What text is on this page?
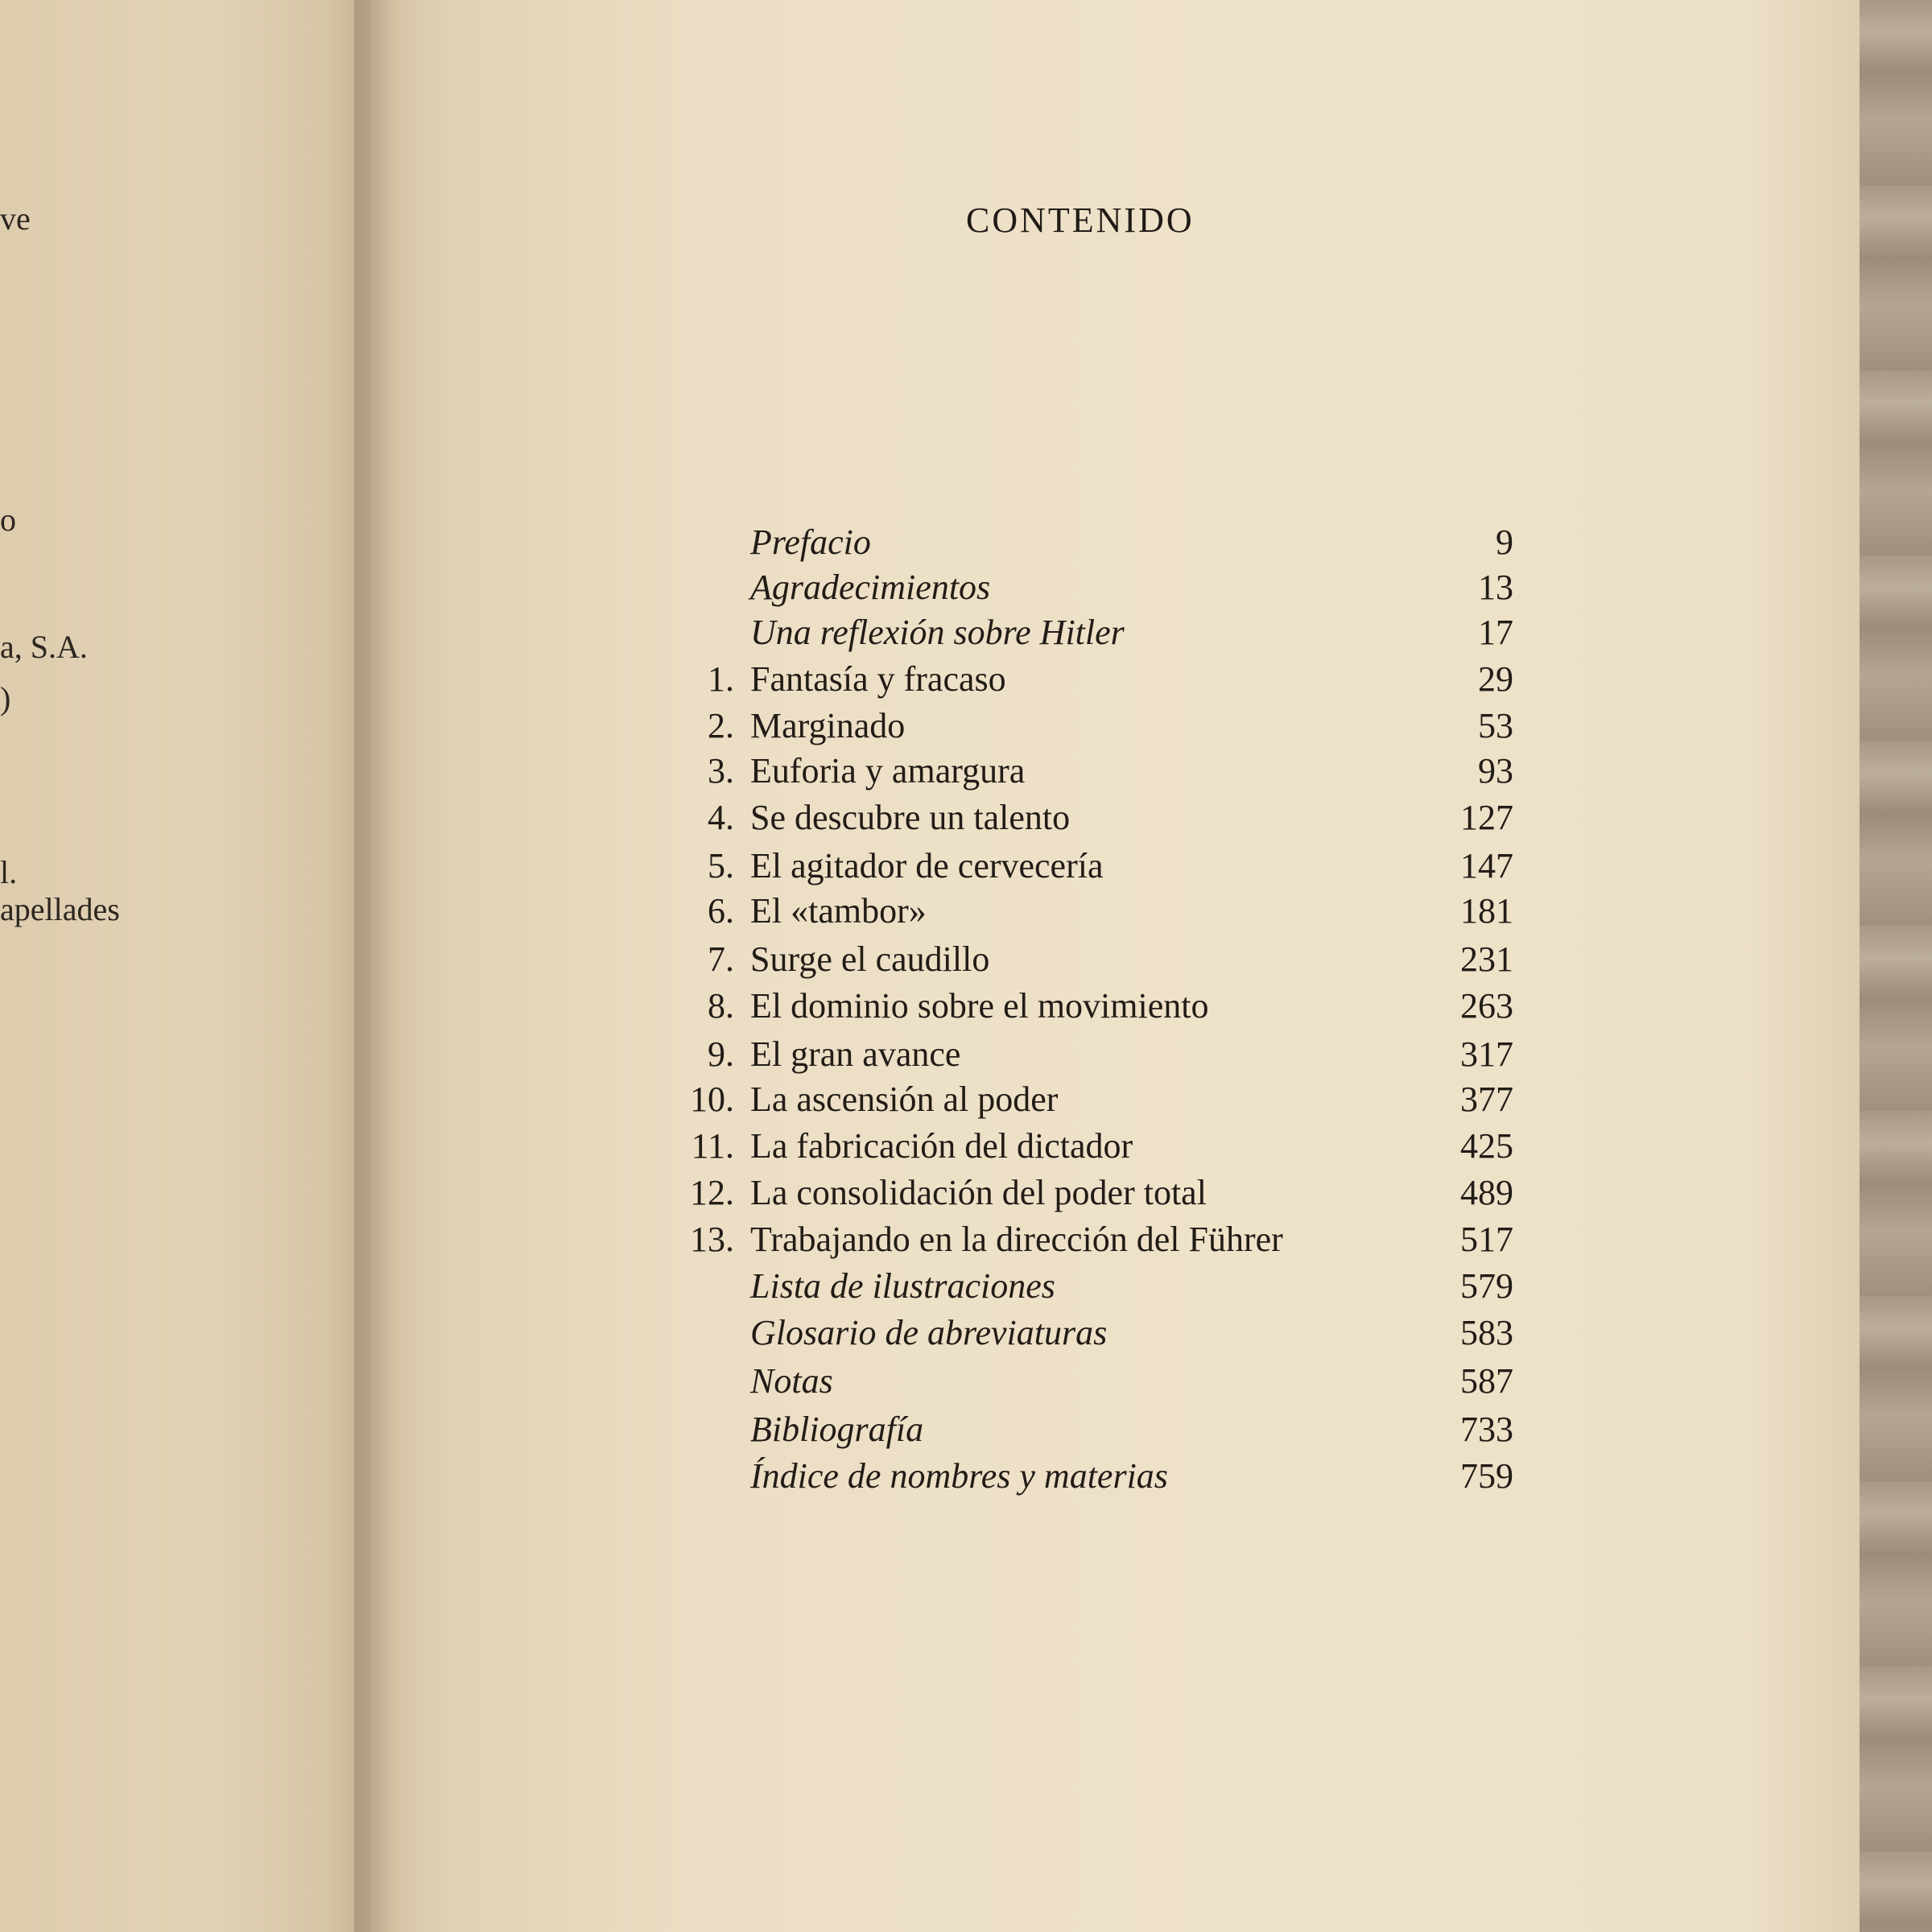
ve
o
a, S.A.
)
l.
apellades
CONTENIDO
Prefacio	9
Agradecimientos	13
Una reflexión sobre Hitler	17
1. Fantasía y fracaso	29
2. Marginado	53
3. Euforia y amargura	93
4. Se descubre un talento	127
5. El agitador de cervecería	147
6. El «tambor»	181
7. Surge el caudillo	231
8. El dominio sobre el movimiento	263
9. El gran avance	317
10. La ascensión al poder	377
11. La fabricación del dictador	425
12. La consolidación del poder total	489
13. Trabajando en la dirección del Führer	517
Lista de ilustraciones	579
Glosario de abreviaturas	583
Notas	587
Bibliografía	733
Índice de nombres y materias	759
